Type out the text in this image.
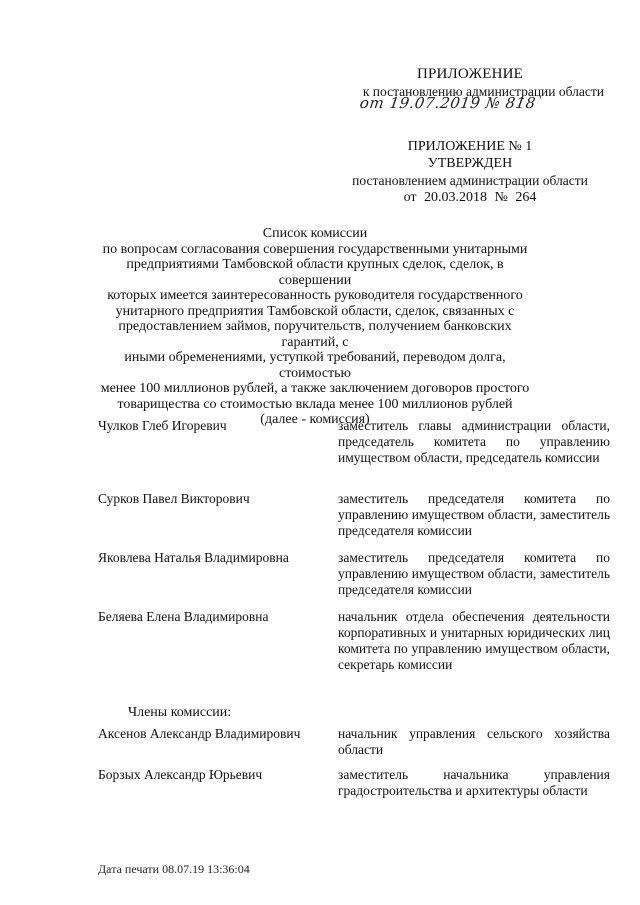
ПРИЛОЖЕНИЕ
к постановлению администрации области
от 19.07.2019 № 818
ПРИЛОЖЕНИЕ № 1
УТВЕРЖДЕН
постановлением администрации области
от 20.03.2018 № 264
Список комиссии
по вопросам согласования совершения государственными унитарными
предприятиями Тамбовской области крупных сделок, сделок, в совершении
которых имеется заинтересованность руководителя государственного
унитарного предприятия Тамбовской области, сделок, связанных с
предоставлением займов, поручительств, получением банковских гарантий, с
иными обременениями, уступкой требований, переводом долга, стоимостью
менее 100 миллионов рублей, а также заключением договоров простого
товарищества со стоимостью вклада менее 100 миллионов рублей
(далее - комиссия)
Чулков Глеб Игоревич	заместитель главы администрации области, председатель комитета по управлению имуществом области, председатель комиссии
Сурков Павел Викторович	заместитель председателя комитета по управлению имуществом области, заместитель председателя комиссии
Яковлева Наталья Владимировна	заместитель председателя комитета по управлению имуществом области, заместитель председателя комиссии
Беляева Елена Владимировна	начальник отдела обеспечения деятельности корпоративных и унитарных юридических лиц комитета по управлению имуществом области, секретарь комиссии
Члены комиссии:
Аксенов Александр Владимирович	начальник управления сельского хозяйства области
Борзых Александр Юрьевич	заместитель начальника управления градостроительства и архитектуры области
Дата печати 08.07.19 13:36:04
